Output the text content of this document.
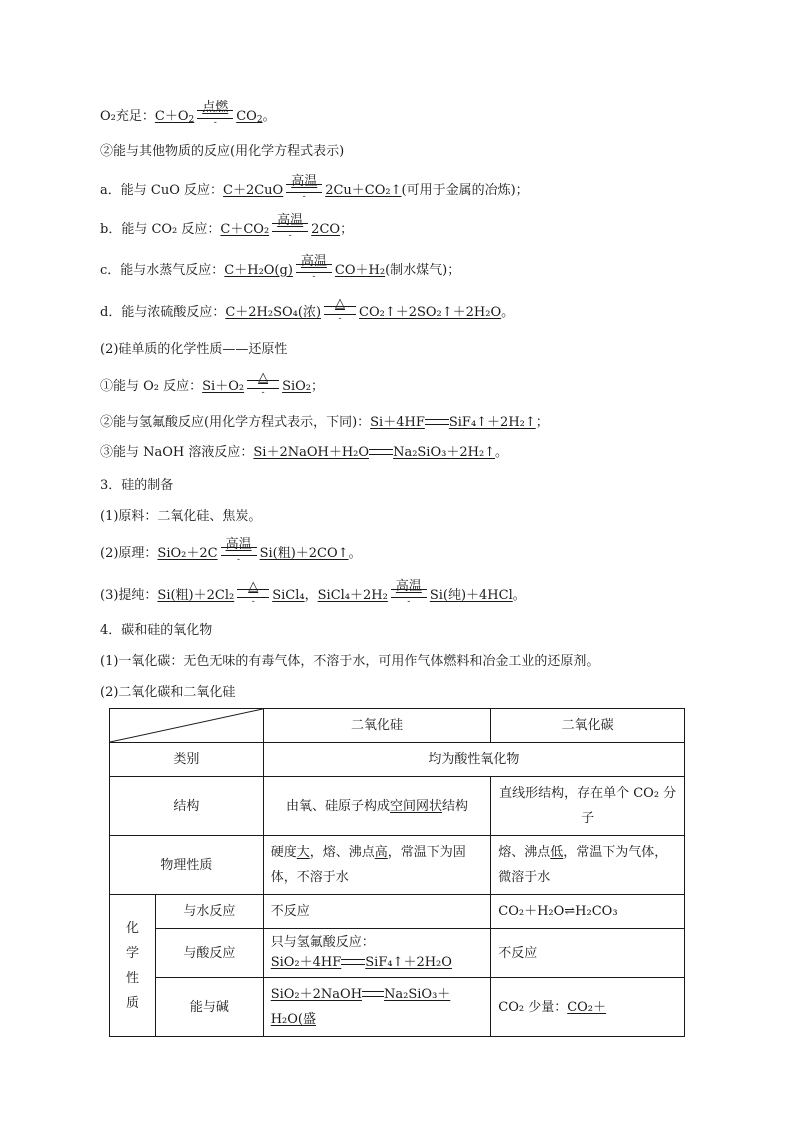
O₂充足：$C+O_2$
点燃
-	$CO_2$。
②能与其他物质的反应(用化学方程式表示)
a．能与 CuO 反应：C＋2CuO
高温
-	2Cu＋CO₂↑(可用于金属的冶炼)；
b．能与 CO₂ 反应：C＋CO₂
高温
-	2CO；
c．能与水蒸气反应：C＋H₂O(g)
高温
-	CO＋H₂(制水煤气)；
d．能与浓硫酸反应：C＋2H₂SO₄(浓)
△
-	CO₂↑＋2SO₂↑＋2H₂O。
(2)硅单质的化学性质——还原性
①能与 O₂ 反应：Si＋O₂
△
-	SiO₂；
②能与氢氟酸反应(用化学方程式表示，下同)：Si＋4HF SiF₄↑＋2H₂↑；
③能与 NaOH 溶液反应：Si＋2NaOH＋H₂O Na₂SiO₃＋2H₂↑。
3．硅的制备
(1)原料：二氧化硅、焦炭。
(2)原理：SiO₂＋2C
高温
-	Si(粗)＋2CO↑。
(3)提纯：Si(粗)＋2Cl₂
△
-	SiCl₄，SiCl₄＋2H₂
高温
-	Si(纯)＋4HCl。
4．碳和硅的氧化物
(1)一氧化碳：无色无味的有毒气体，不溶于水，可用作气体燃料和冶金工业的还原剂。
(2)二氧化碳和二氧化硅
	二氧化硅	二氧化碳
类别		均为酸性氧化物	
结构		由氧、硅原子构成空间网状结构	直线形结构，存在单个 CO₂ 分子
物理性质		硬度大，熔、沸点高，常温下为固体，不溶于水	熔、沸点低，常温下为气体，微溶于水
化
学
性
质	与水反应	不反应	CO₂＋H₂O⇌H₂CO₃
	与酸反应	只与氢氟酸反应：
SiO₂＋4HF SiF₄↑＋2H₂O	不反应
	能与碱	SiO₂＋2NaOH Na₂SiO₃＋H₂O(盛	CO₂ 少量：CO₂＋
